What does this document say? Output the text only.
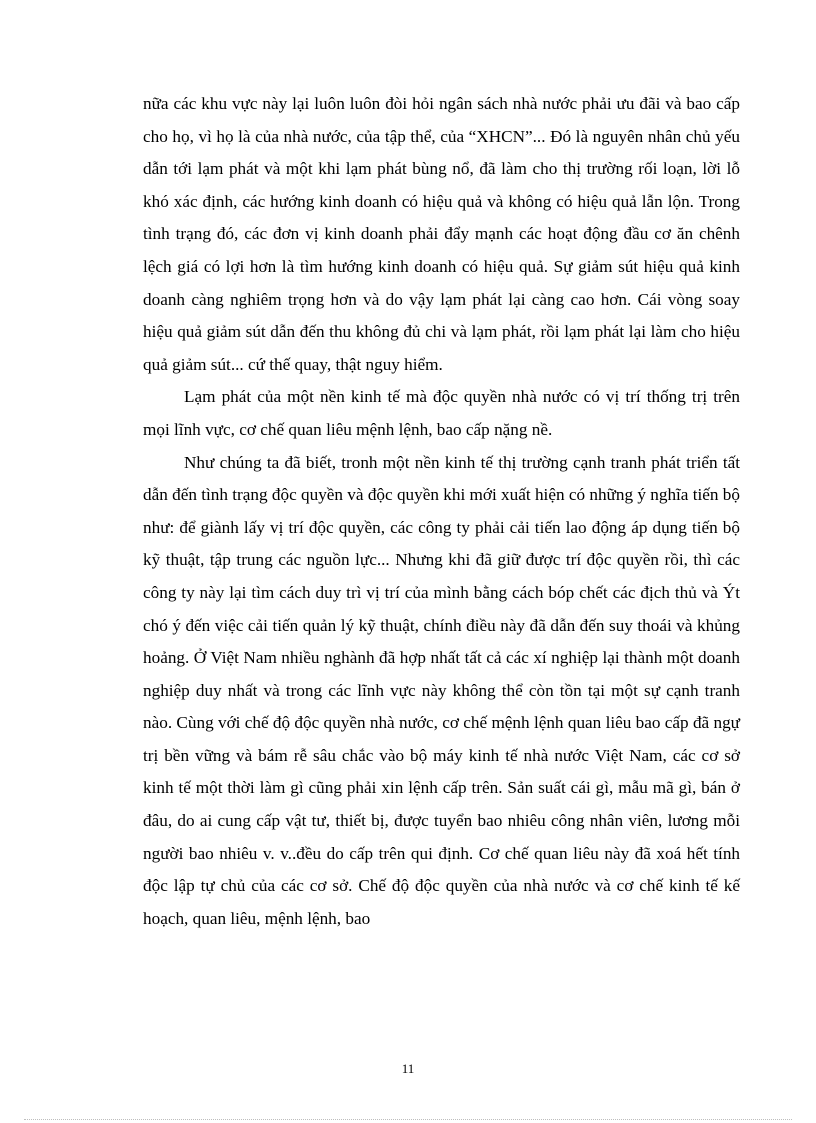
nữa các khu vực này lại luôn luôn đòi hỏi ngân sách nhà nước phải ưu đãi và bao cấp cho họ, vì họ là của nhà nước, của tập thể, của “XHCN”... Đó là nguyên nhân chủ yếu dẫn tới lạm phát và một khi lạm phát bùng nổ, đã làm cho thị trường rối loạn, lời lỗ khó xác định, các hướng kinh doanh có hiệu quả và không có hiệu quả lẫn lộn. Trong tình trạng đó, các đơn vị kinh doanh phải đẩy mạnh các hoạt động đầu cơ ăn chênh lệch giá có lợi hơn là tìm hướng kinh doanh có hiệu quả. Sự giảm sút hiệu quả kinh doanh càng nghiêm trọng hơn và do vậy lạm phát lại càng cao hơn. Cái vòng soay hiệu quả giảm sút dẫn đến thu không đủ chi và lạm phát, rồi lạm phát lại làm cho hiệu quả giảm sút... cứ thế quay, thật nguy hiểm.

Lạm phát của một nền kinh tế mà độc quyền nhà nước có vị trí thống trị trên mọi lĩnh vực, cơ chế quan liêu mệnh lệnh, bao cấp nặng nề.

Như chúng ta đã biết, tronh một nền kinh tế thị trường cạnh tranh phát triển tất dẫn đến tình trạng độc quyền và độc quyền khi mới xuất hiện có những ý nghĩa tiến bộ như: để giành lấy vị trí độc quyền, các công ty phải cải tiến lao động áp dụng tiến bộ kỹ thuật, tập trung các nguồn lực... Nhưng khi đã giữ được trí độc quyền rồi, thì các công ty này lại tìm cách duy trì vị trí của mình bằng cách bóp chết các địch thủ và Ýt chó ý đến việc cải tiến quản lý kỹ thuật, chính điều này đã dẫn đến suy thoái và khủng hoảng. Ở Việt Nam nhiều nghành đã hợp nhất tất cả các xí nghiệp lại thành một doanh nghiệp duy nhất và trong các lĩnh vực này không thể còn tồn tại một sự cạnh tranh nào. Cùng với chế độ độc quyền nhà nước, cơ chế mệnh lệnh quan liêu bao cấp đã ngự trị bền vững và bám rễ sâu chắc vào bộ máy kinh tế nhà nước Việt Nam, các cơ sở kinh tế một thời làm gì cũng phải xin lệnh cấp trên. Sản suất cái gì, mẫu mã gì, bán ở đâu, do ai cung cấp vật tư, thiết bị, được tuyển bao nhiêu công nhân viên, lương mỗi người bao nhiêu v. v..đều do cấp trên qui định. Cơ chế quan liêu này đã xoá hết tính độc lập tự chủ của các cơ sở. Chế độ độc quyền của nhà nước và cơ chế kinh tế kế hoạch, quan liêu, mệnh lệnh, bao

11
